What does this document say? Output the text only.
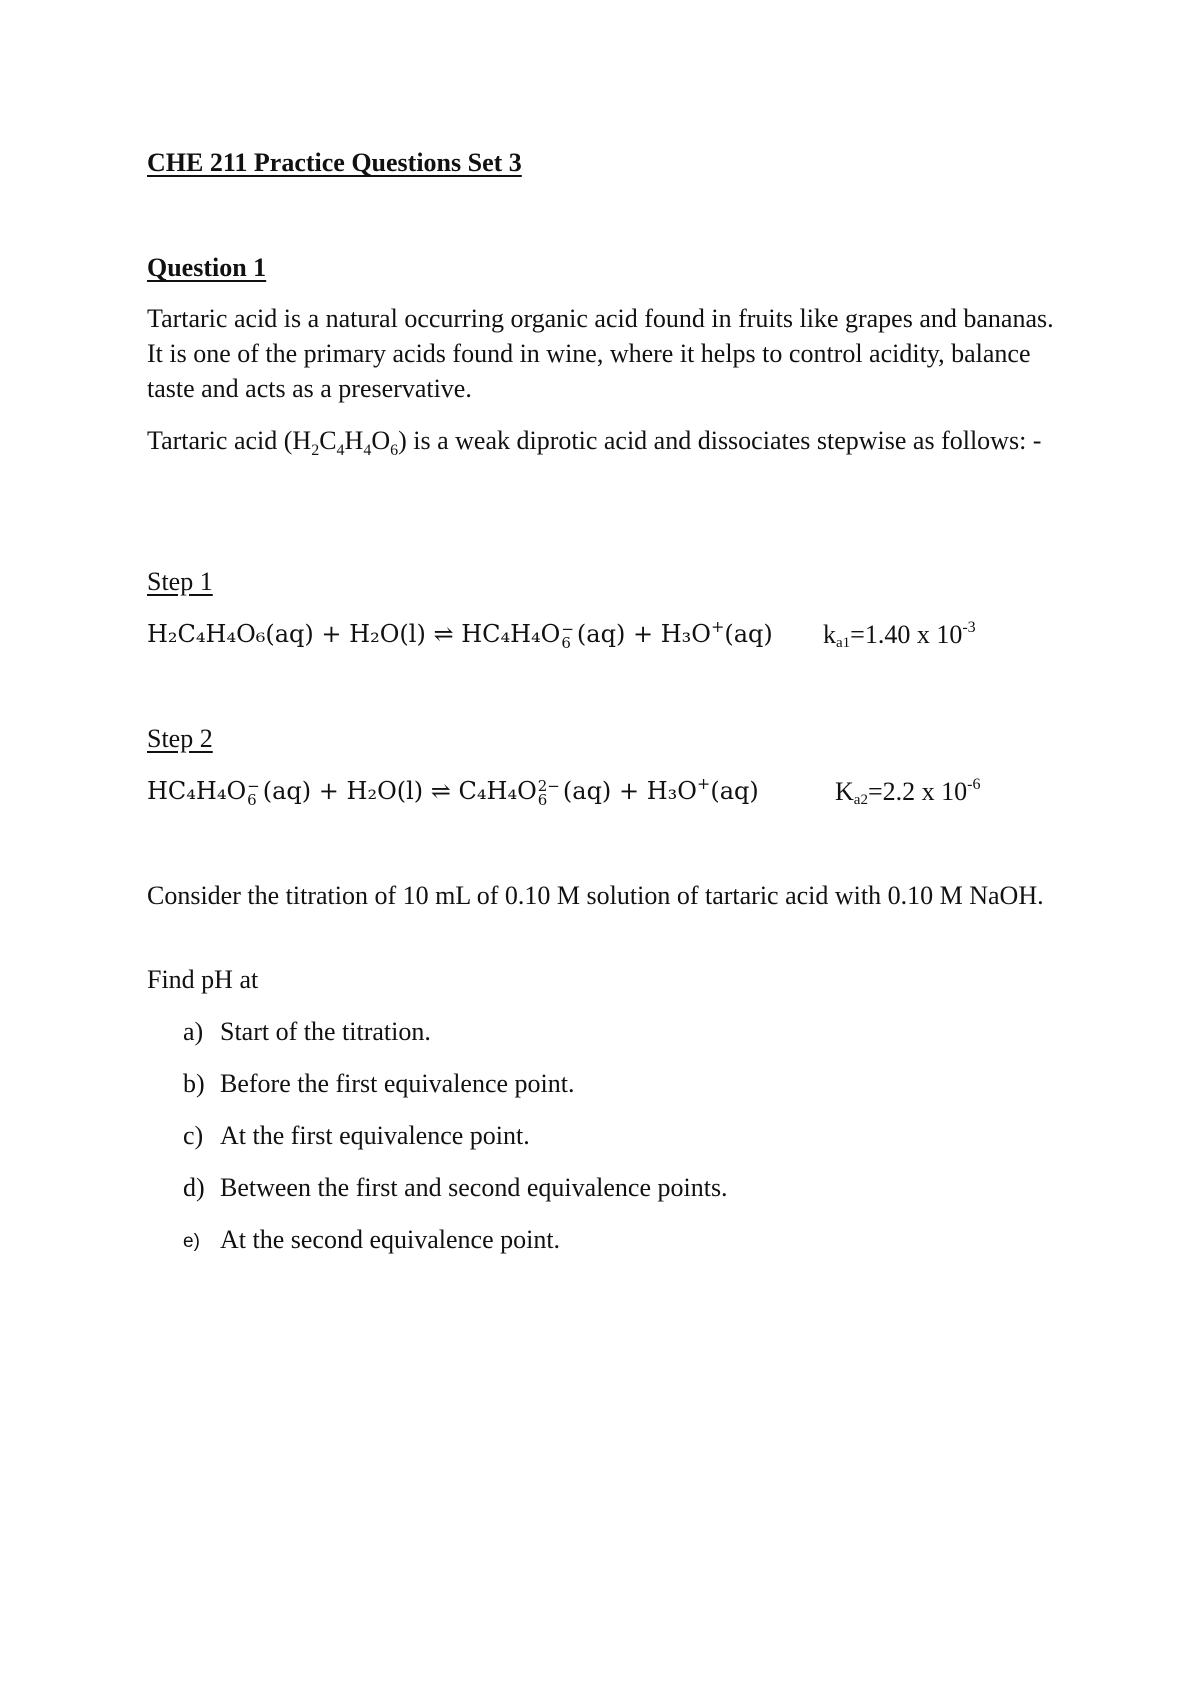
CHE 211 Practice Questions Set 3
Question 1

Tartaric acid is a natural occurring organic acid found in fruits like grapes and bananas. It is one of the primary acids found in wine, where it helps to control acidity, balance taste and acts as a preservative.

Tartaric acid $(H_2C_4H_4O_6)$ is a weak diprotic acid and dissociates stepwise as follows: -

Step 1
H₂C₄H₄O₆(aq) + H₂O(l) ⇌ HC₄H₄O −
6 (aq) + H₃O+(aq) ka1=1.40 x $10^{-3}$
Step 2
HC₄H₄O −
6 (aq) + H₂O(l) ⇌ C₄H₄O 2−
6 (aq) + H₃O+(aq)	Ka2=2.2 x $10^{-6}$

Consider the titration of 10 mL of 0.10 M solution of tartaric acid with 0.10 M NaOH.

Find pH at

a) Start of the titration.
b) Before the first equivalence point.
c) At the first equivalence point.
d) Between the first and second equivalence points.
e) At the second equivalence point.
